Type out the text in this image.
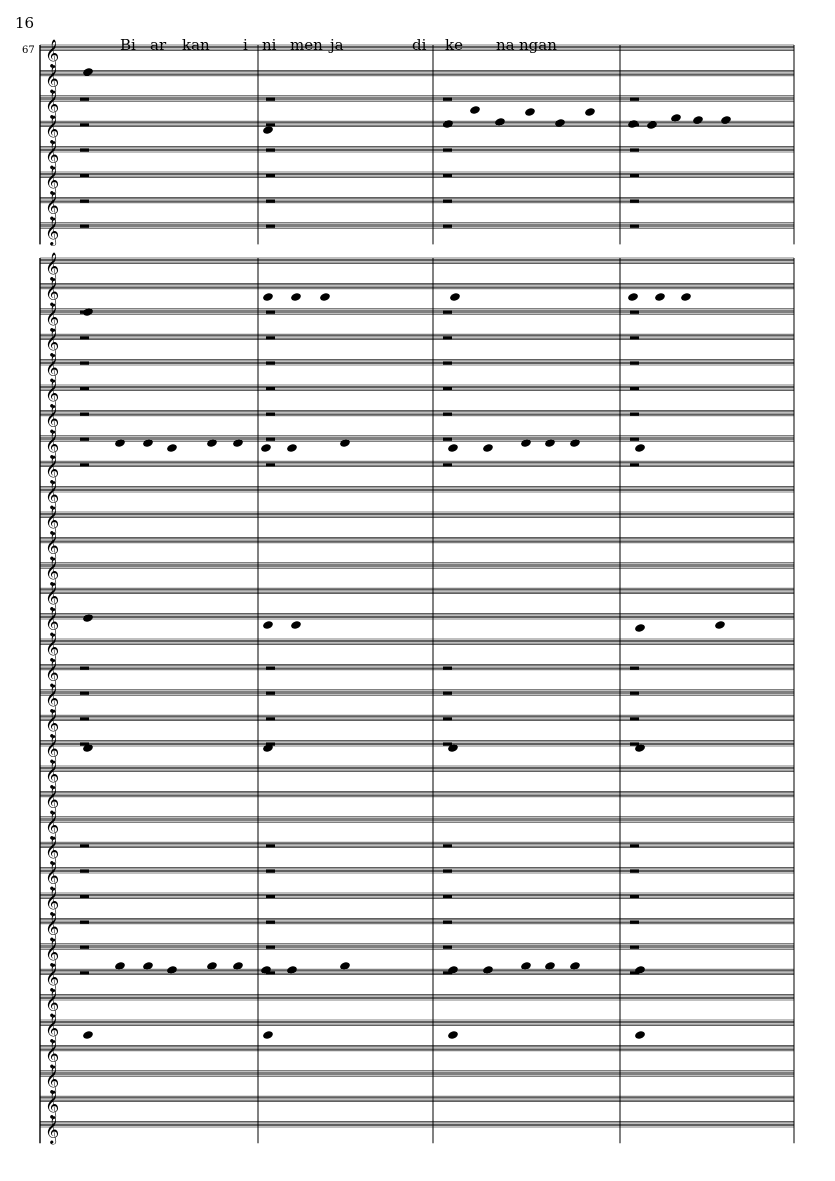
16
67	Bi ar kan i ni men ja	di ke na ngan
𝄞
𝄞
𝄞
𝄞
𝄞
𝄞
𝄞
𝄞
𝄞
𝄞
𝄞
𝄞
𝄞
𝄞
𝄞
𝄞
𝄞
𝄞
𝄞
𝄞
𝄞
𝄞
𝄞
𝄞
𝄞
𝄞
𝄞
𝄞
𝄞
𝄞
𝄞
𝄞
𝄞
𝄞
𝄞
𝄞
𝄞
𝄞
𝄞
𝄞
𝄞
𝄞
𝄞
